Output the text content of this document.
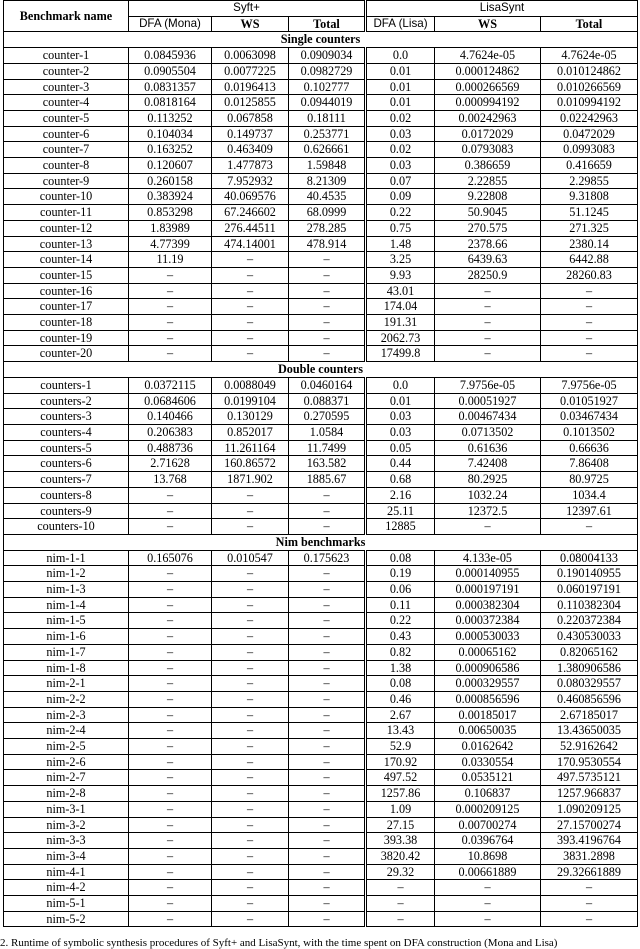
Benchmark name	Syft+			LisaSynt		
	DFA (Mona)	WS	Total	DFA (Lisa)	WS	Total
Single counters						
counter-1	0.0845936	0.0063098	0.0909034	0.0	4.7624e-05	4.7624e-05
counter-2	0.0905504	0.0077225	0.0982729	0.01	0.000124862	0.010124862
counter-3	0.0831357	0.0196413	0.102777	0.01	0.000266569	0.010266569
counter-4	0.0818164	0.0125855	0.0944019	0.01	0.000994192	0.010994192
counter-5	0.113252	0.067858	0.18111	0.02	0.00242963	0.02242963
counter-6	0.104034	0.149737	0.253771	0.03	0.0172029	0.0472029
counter-7	0.163252	0.463409	0.626661	0.02	0.0793083	0.0993083
counter-8	0.120607	1.477873	1.59848	0.03	0.386659	0.416659
counter-9	0.260158	7.952932	8.21309	0.07	2.22855	2.29855
counter-10	0.383924	40.069576	40.4535	0.09	9.22808	9.31808
counter-11	0.853298	67.246602	68.0999	0.22	50.9045	51.1245
counter-12	1.83989	276.44511	278.285	0.75	270.575	271.325
counter-13	4.77399	474.14001	478.914	1.48	2378.66	2380.14
counter-14	11.19	–	–	3.25	6439.63	6442.88
counter-15	–	–	–	9.93	28250.9	28260.83
counter-16	–	–	–	43.01	–	–
counter-17	–	–	–	174.04	–	–
counter-18	–	–	–	191.31	–	–
counter-19	–	–	–	2062.73	–	–
counter-20	–	–	–	17499.8	–	–
Double counters						
counters-1	0.0372115	0.0088049	0.0460164	0.0	7.9756e-05	7.9756e-05
counters-2	0.0684606	0.0199104	0.088371	0.01	0.00051927	0.01051927
counters-3	0.140466	0.130129	0.270595	0.03	0.00467434	0.03467434
counters-4	0.206383	0.852017	1.0584	0.03	0.0713502	0.1013502
counters-5	0.488736	11.261164	11.7499	0.05	0.61636	0.66636
counters-6	2.71628	160.86572	163.582	0.44	7.42408	7.86408
counters-7	13.768	1871.902	1885.67	0.68	80.2925	80.9725
counters-8	–	–	–	2.16	1032.24	1034.4
counters-9	–	–	–	25.11	12372.5	12397.61
counters-10	–	–	–	12885	–	–
Nim benchmarks						
nim-1-1	0.165076	0.010547	0.175623	0.08	4.133e-05	0.08004133
nim-1-2	–	–	–	0.19	0.000140955	0.190140955
nim-1-3	–	–	–	0.06	0.000197191	0.060197191
nim-1-4	–	–	–	0.11	0.000382304	0.110382304
nim-1-5	–	–	–	0.22	0.000372384	0.220372384
nim-1-6	–	–	–	0.43	0.000530033	0.430530033
nim-1-7	–	–	–	0.82	0.00065162	0.82065162
nim-1-8	–	–	–	1.38	0.000906586	1.380906586
nim-2-1	–	–	–	0.08	0.000329557	0.080329557
nim-2-2	–	–	–	0.46	0.000856596	0.460856596
nim-2-3	–	–	–	2.67	0.00185017	2.67185017
nim-2-4	–	–	–	13.43	0.00650035	13.43650035
nim-2-5	–	–	–	52.9	0.0162642	52.9162642
nim-2-6	–	–	–	170.92	0.0330554	170.9530554
nim-2-7	–	–	–	497.52	0.0535121	497.5735121
nim-2-8	–	–	–	1257.86	0.106837	1257.966837
nim-3-1	–	–	–	1.09	0.000209125	1.090209125
nim-3-2	–	–	–	27.15	0.00700274	27.15700274
nim-3-3	–	–	–	393.38	0.0396764	393.4196764
nim-3-4	–	–	–	3820.42	10.8698	3831.2898
nim-4-1	–	–	–	29.32	0.00661889	29.32661889
nim-4-2	–	–	–	–	–	–
nim-5-1	–	–	–	–	–	–
nim-5-2	–	–	–	–	–	–
2. Runtime of symbolic synthesis procedures of Syft+ and LisaSynt, with the time spent on DFA construction (Mona and Lisa)
